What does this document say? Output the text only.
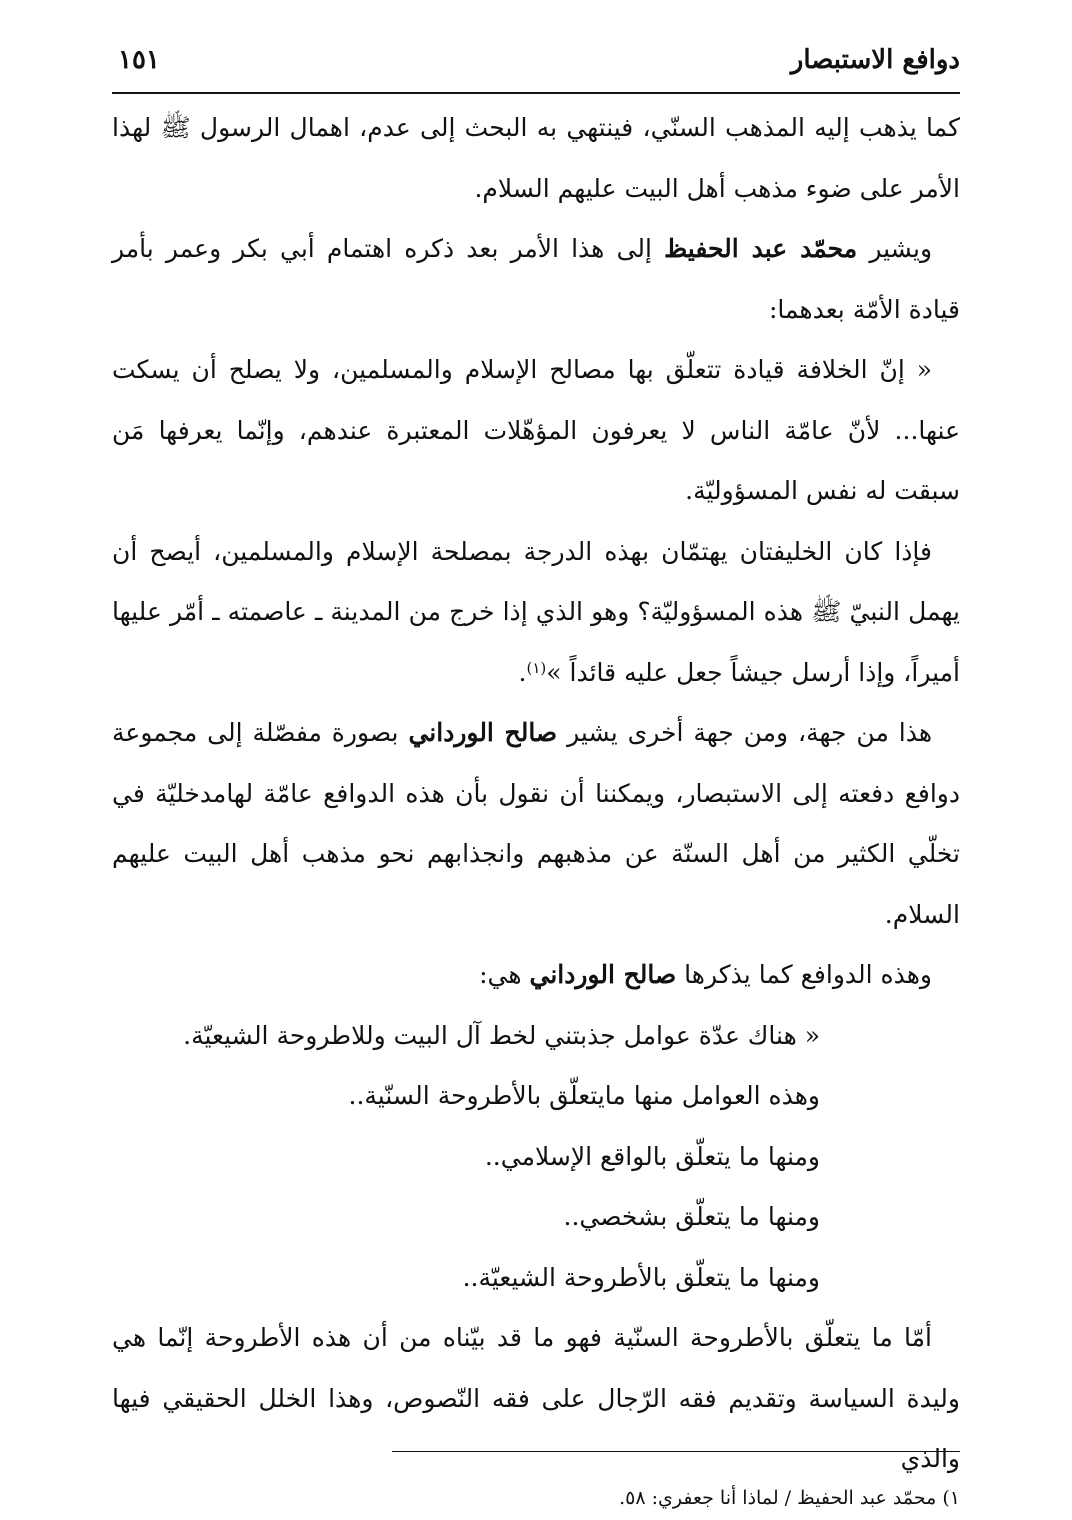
دوافع الاستبصار
١٥١

كما يذهب إليه المذهب السنّي، فينتهي به البحث إلى عدم، اهمال الرسول ﷺ لهذا الأمر على ضوء مذهب أهل البيت عليهم السلام.

ويشير محمّد عبد الحفيظ إلى هذا الأمر بعد ذكره اهتمام أبي بكر وعمر بأمر قيادة الأمّة بعدهما:

« إنّ الخلافة قيادة تتعلّق بها مصالح الإسلام والمسلمين، ولا يصلح أن يسكت عنها... لأنّ عامّة الناس لا يعرفون المؤهّلات المعتبرة عندهم، وإنّما يعرفها مَن سبقت له نفس المسؤوليّة.

فإذا كان الخليفتان يهتمّان بهذه الدرجة بمصلحة الإسلام والمسلمين، أيصح أن يهمل النبيّ ﷺ هذه المسؤوليّة؟ وهو الذي إذا خرج من المدينة ـ عاصمته ـ أمّر عليها أميراً، وإذا أرسل جيشاً جعل عليه قائداً »$^{(١)}$.

هذا من جهة، ومن جهة أخرى يشير صالح الورداني بصورة مفصّلة إلى مجموعة دوافع دفعته إلى الاستبصار، ويمكننا أن نقول بأن هذه الدوافع عامّة لهامدخليّة في تخلّي الكثير من أهل السنّة عن مذهبهم وانجذابهم نحو مذهب أهل البيت عليهم السلام.

وهذه الدوافع كما يذكرها صالح الورداني هي:

« هناك عدّة عوامل جذبتني لخط آل البيت وللاطروحة الشيعيّة.

وهذه العوامل منها مايتعلّق بالأطروحة السنّية..

ومنها ما يتعلّق بالواقع الإسلامي..

ومنها ما يتعلّق بشخصي..

ومنها ما يتعلّق بالأطروحة الشيعيّة..

أمّا ما يتعلّق بالأطروحة السنّية فهو ما قد بيّناه من أن هذه الأطروحة إنّما هي وليدة السياسة وتقديم فقه الرّجال على فقه النّصوص، وهذا الخلل الحقيقي فيها والذي

١) محمّد عبد الحفيظ / لماذا أنا جعفري: ٥٨.
